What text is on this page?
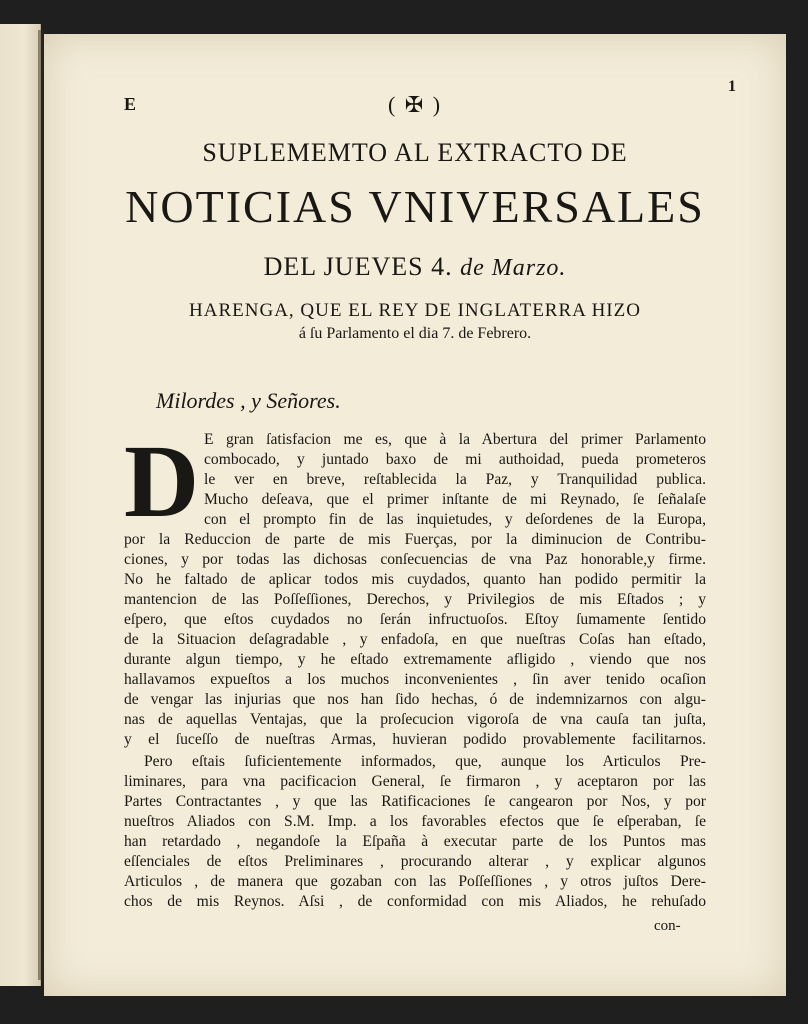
E
1
( ✠ )
SUPLEMEMTO AL EXTRACTO DE
NOTICIAS VNIVERSALES
DEL JUEVES 4. de Marzo.
HARENGA, QUE EL REY DE INGLATERRA HIZO
á ſu Parlamento el dia 7. de Febrero.
Milordes , y Señores.
D E gran ſatisfacion me es, que à la Abertura del primer Parlamento
combocado, y juntado baxo de mi authoidad, pueda prometeros
le ver en breve, reſtablecida la Paz, y Tranquilidad publica.
Mucho deſeava, que el primer inſtante de mi Reynado, ſe ſeñalaſe
con el prompto fin de las inquietudes, y deſordenes de la Europa,
por la Reduccion de parte de mis Fuerças, por la diminucion de Contribu-
ciones, y por todas las dichosas conſecuencias de vna Paz honorable,y firme.
No he faltado de aplicar todos mis cuydados, quanto han podido permitir la
mantencion de las Poſſeſſiones, Derechos, y Privilegios de mis Eſtados ; y
eſpero, que eſtos cuydados no ſerán infructuoſos. Eſtoy ſumamente ſentido
de la Situacion deſagradable , y enfadoſa, en que nueſtras Coſas han eſtado,
durante algun tiempo, y he eſtado extremamente afligido , viendo que nos
hallavamos expueſtos a los muchos inconvenientes , ſin aver tenido ocaſion
de vengar las injurias que nos han ſido hechas, ó de indemnizarnos con algu-
nas de aquellas Ventajas, que la proſecucion vigoroſa de vna cauſa tan juſta,
y el ſuceſſo de nueſtras Armas, huvieran podido provablemente facilitarnos.
Pero eſtais ſuficientemente informados, que, aunque los Articulos Pre-
liminares, para vna pacificacion General, ſe firmaron , y aceptaron por las
Partes Contractantes , y que las Ratificaciones ſe cangearon por Nos, y por
nueſtros Aliados con S.M. Imp. a los favorables efectos que ſe eſperaban, ſe
han retardado , negandoſe la Eſpaña à executar parte de los Puntos mas
eſſenciales de eſtos Preliminares , procurando alterar , y explicar algunos
Articulos , de manera que gozaban con las Poſſeſſiones , y otros juſtos Dere-
chos de mis Reynos. Aſsi , de conformidad con mis Aliados, he rehuſado
con-
